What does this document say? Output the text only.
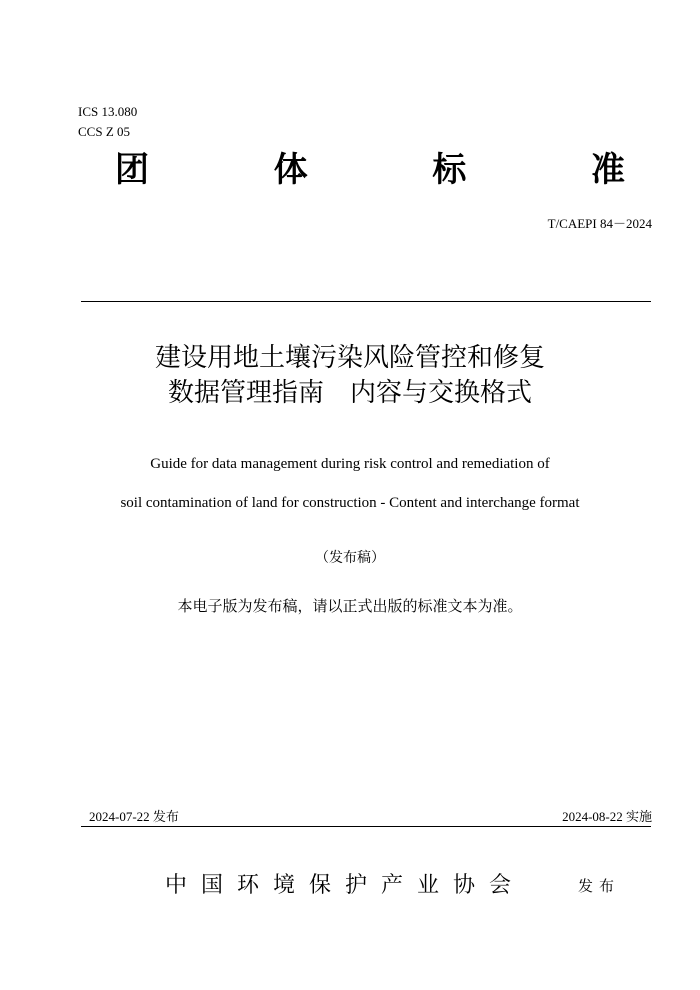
ICS 13.080
CCS Z 05
团	体	标	准
T/CAEPI 84－2024
建设用地土壤污染风险管控和修复
数据管理指南　内容与交换格式
Guide for data management during risk control and remediation of
soil contamination of land for construction - Content and interchange format
（发布稿）
本电子版为发布稿，请以正式出版的标准文本为准。
2024-07-22 发布	2024-08-22 实施
中国环境保护产业协会	发布
